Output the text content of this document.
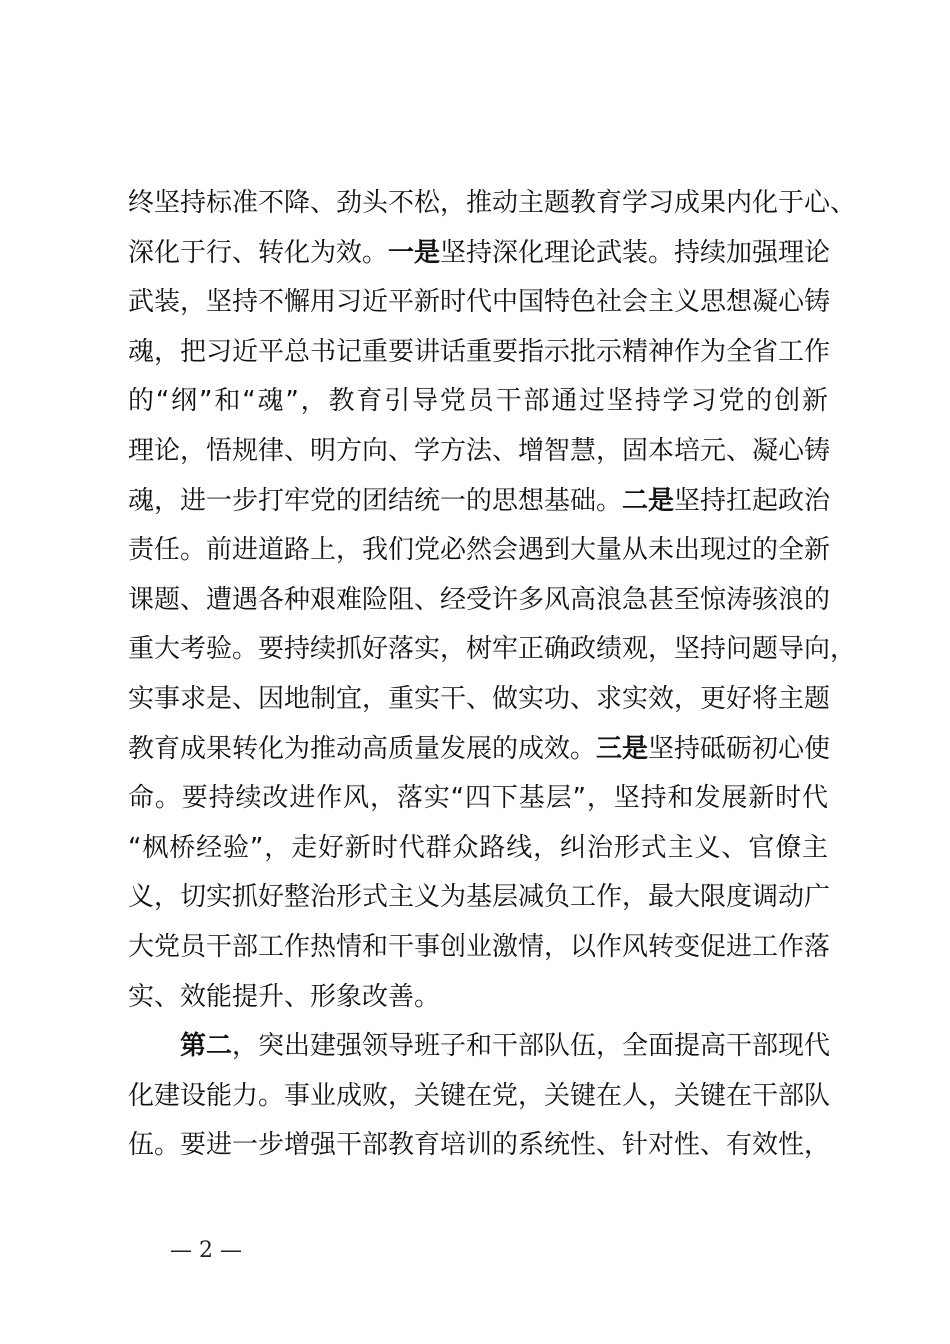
终坚持标准不降、劲头不松，推动主题教育学习成果内化于心、
深化于行、转化为效。一是坚持深化理论武装。持续加强理论
武装，坚持不懈用习近平新时代中国特色社会主义思想凝心铸
魂，把习近平总书记重要讲话重要指示批示精神作为全省工作
的“纲”和“魂”，教育引导党员干部通过坚持学习党的创新
理论，悟规律、明方向、学方法、增智慧，固本培元、凝心铸
魂，进一步打牢党的团结统一的思想基础。二是坚持扛起政治
责任。前进道路上，我们党必然会遇到大量从未出现过的全新
课题、遭遇各种艰难险阻、经受许多风高浪急甚至惊涛骇浪的
重大考验。要持续抓好落实，树牢正确政绩观，坚持问题导向，
实事求是、因地制宜，重实干、做实功、求实效，更好将主题
教育成果转化为推动高质量发展的成效。三是坚持砥砺初心使
命。要持续改进作风，落实“四下基层”，坚持和发展新时代
“枫桥经验”，走好新时代群众路线，纠治形式主义、官僚主
义，切实抓好整治形式主义为基层减负工作，最大限度调动广
大党员干部工作热情和干事创业激情，以作风转变促进工作落
实、效能提升、形象改善。
第二，突出建强领导班子和干部队伍，全面提高干部现代
化建设能力。事业成败，关键在党，关键在人，关键在干部队
伍。要进一步增强干部教育培训的系统性、针对性、有效性，
— 2 —
